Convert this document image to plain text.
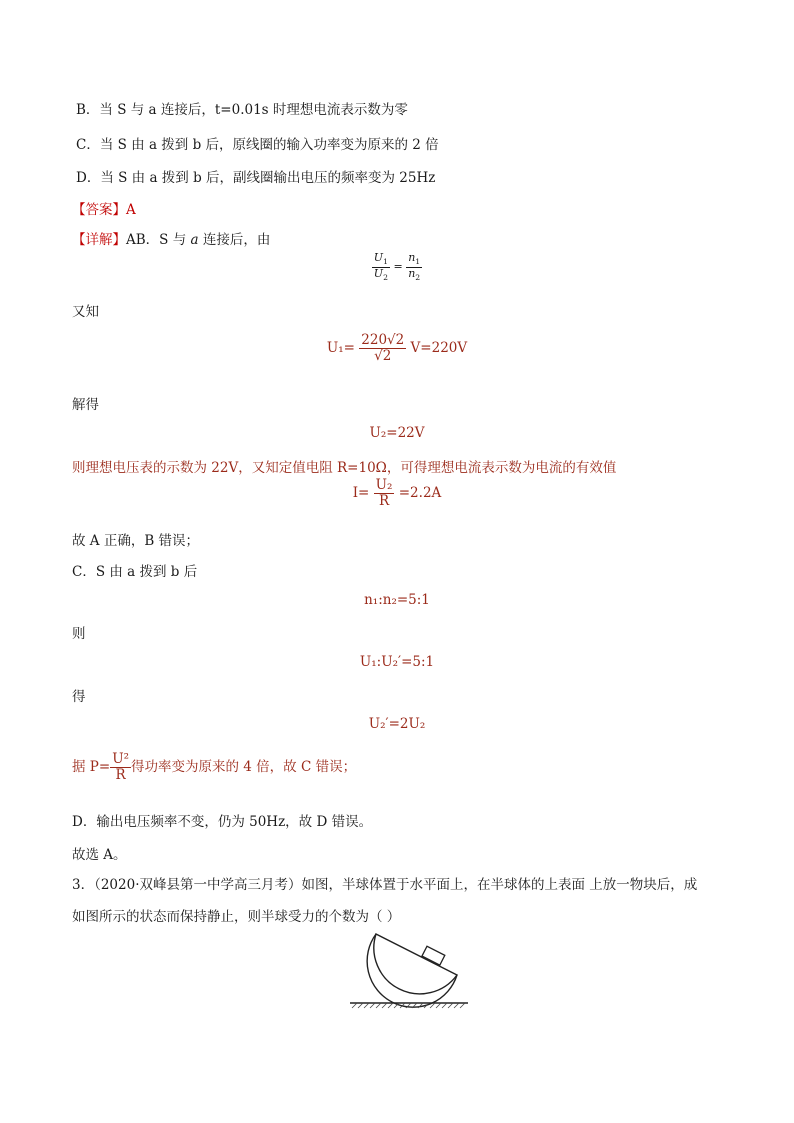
B．当 S 与 a 连接后，t=0.01s 时理想电流表示数为零
C．当 S 由 a 拨到 b 后，原线圈的输入功率变为原来的 2 倍
D．当 S 由 a 拨到 b 后，副线圈输出电压的频率变为 25Hz
【答案】A
【详解】AB．S 与 a 连接后，由
$\frac{U_1}{U_2} = \frac{n_1}{n_2}$
又知
$U_1= \frac{220√2}{√2} V=220V$
解得
U₂=22V
则理想电压表的示数为 22V，又知定值电阻 R=10Ω，可得理想电流表示数为电流的有效值
$I= \frac{\text{U₂}}{R} =2.2A$
故 A 正确，B 错误；
C．S 由 a 拨到 b 后
n₁:n₂=5:1
则
U₁:U₂′=5:1
得
U₂′=2U₂
据 $P= \frac{\text{U²}}{R}$ 得功率变为原来的 4 倍，故 C 错误；
D．输出电压频率不变，仍为 50Hz，故 D 错误。
故选 A。
3．（2020·双峰县第一中学高三月考）如图，半球体置于水平面上，在半球体的上表面 上放一物块后，成
如图所示的状态而保持静止，则半球受力的个数为（ ）
